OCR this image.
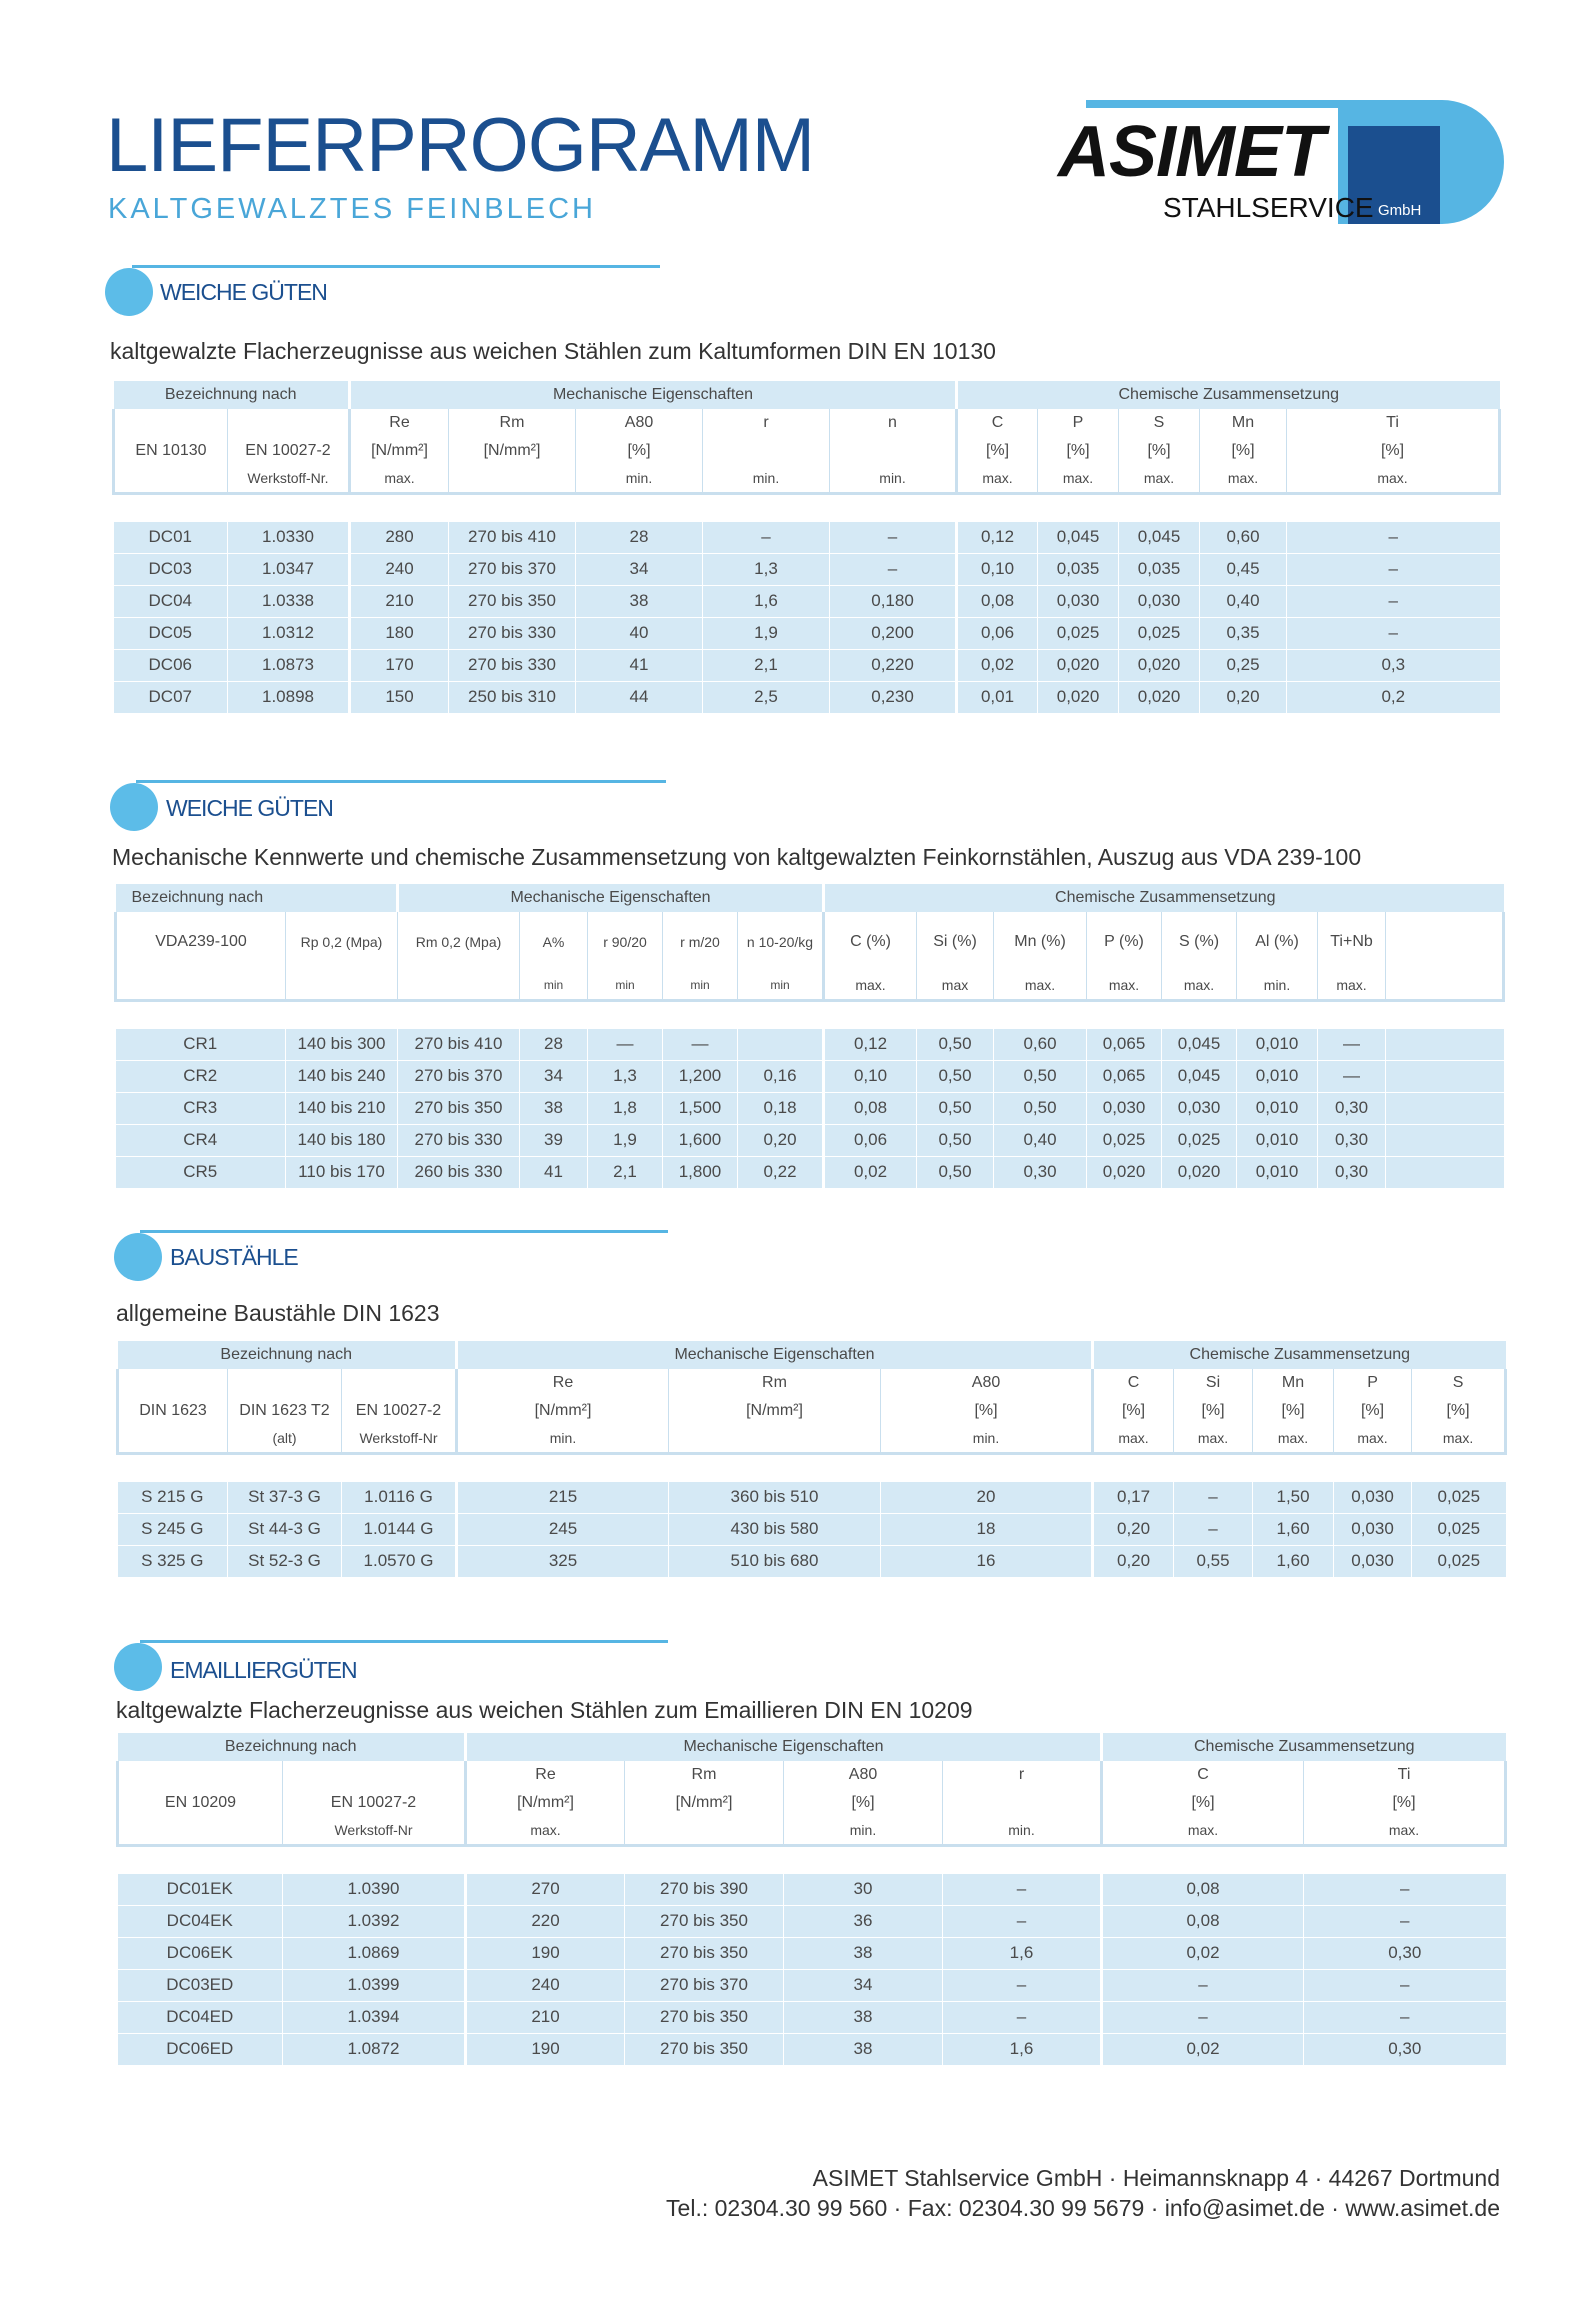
LIEFERPROGRAMM
KALTGEWALZTES FEINBLECH
ASIMET
STAHLSERVICE GmbH
WEICHE GÜTEN
kaltgewalzte Flacherzeugnisse aus weichen Stählen zum Kaltumformen DIN EN 10130
Bezeichnung nach		Mechanische Eigenschaften					Chemische Zusammensetzung				
		Re	Rm	A80	r	n	C	P	S	Mn	Ti
EN 10130	EN 10027-2	[N/mm²]	[N/mm²]	[%]			[%]	[%]	[%]	[%]	[%]
	Werkstoff-Nr.	max.		min.	min.	min.	max.	max.	max.	max.	max.

DC01	1.0330	280	270 bis 410	28	–	–	0,12	0,045	0,045	0,60	–
DC03	1.0347	240	270 bis 370	34	1,3	–	0,10	0,035	0,035	0,45	–
DC04	1.0338	210	270 bis 350	38	1,6	0,180	0,08	0,030	0,030	0,40	–
DC05	1.0312	180	270 bis 330	40	1,9	0,200	0,06	0,025	0,025	0,35	–
DC06	1.0873	170	270 bis 330	41	2,1	0,220	0,02	0,020	0,020	0,25	0,3
DC07	1.0898	150	250 bis 310	44	2,5	0,230	0,01	0,020	0,020	0,20	0,2
WEICHE GÜTEN
Mechanische Kennwerte und chemische Zusammensetzung von kaltgewalzten Feinkornstählen, Auszug aus VDA 239-100
Bezeichnung nach		Mechanische Eigenschaften					Chemische Zusammensetzung							
VDA239-100	Rp 0,2 (Mpa)	Rm 0,2 (Mpa)	A%	r 90/20	r m/20	n 10-20/kg	C (%)	Si (%)	Mn (%)	P (%)	S (%)	Al (%)	Ti+Nb	
			min	min	min	min	max.	max	max.	max.	max.	min.	max.	

CR1	140 bis 300	270 bis 410	28	—	—		0,12	0,50	0,60	0,065	0,045	0,010	—	
CR2	140 bis 240	270 bis 370	34	1,3	1,200	0,16	0,10	0,50	0,50	0,065	0,045	0,010	—	
CR3	140 bis 210	270 bis 350	38	1,8	1,500	0,18	0,08	0,50	0,50	0,030	0,030	0,010	0,30	
CR4	140 bis 180	270 bis 330	39	1,9	1,600	0,20	0,06	0,50	0,40	0,025	0,025	0,010	0,30	
CR5	110 bis 170	260 bis 330	41	2,1	1,800	0,22	0,02	0,50	0,30	0,020	0,020	0,010	0,30	
BAUSTÄHLE
allgemeine Baustähle DIN 1623
Bezeichnung nach			Mechanische Eigenschaften			Chemische Zusammensetzung				
			Re	Rm	A80	C	Si	Mn	P	S
DIN 1623	DIN 1623 T2	EN 10027-2	[N/mm²]	[N/mm²]	[%]	[%]	[%]	[%]	[%]	[%]
	(alt)	Werkstoff-Nr	min.		min.	max.	max.	max.	max.	max.

S 215 G	St 37-3 G	1.0116 G	215	360 bis 510	20	0,17	–	1,50	0,030	0,025
S 245 G	St 44-3 G	1.0144 G	245	430 bis 580	18	0,20	–	1,60	0,030	0,025
S 325 G	St 52-3 G	1.0570 G	325	510 bis 680	16	0,20	0,55	1,60	0,030	0,025
EMAILLIERGÜTEN
kaltgewalzte Flacherzeugnisse aus weichen Stählen zum Emaillieren DIN EN 10209
Bezeichnung nach		Mechanische Eigenschaften				Chemische Zusammensetzung	
		Re	Rm	A80	r	C	Ti
EN 10209	EN 10027-2	[N/mm²]	[N/mm²]	[%]		[%]	[%]
	Werkstoff-Nr	max.		min.	min.	max.	max.

DC01EK	1.0390	270	270 bis 390	30	–	0,08	–
DC04EK	1.0392	220	270 bis 350	36	–	0,08	–
DC06EK	1.0869	190	270 bis 350	38	1,6	0,02	0,30
DC03ED	1.0399	240	270 bis 370	34	–	–	–
DC04ED	1.0394	210	270 bis 350	38	–	–	–
DC06ED	1.0872	190	270 bis 350	38	1,6	0,02	0,30
ASIMET Stahlservice GmbH · Heimannsknapp 4 · 44267 Dortmund
Tel.: 02304.30 99 560 · Fax: 02304.30 99 5679 · info@asimet.de · www.asimet.de
